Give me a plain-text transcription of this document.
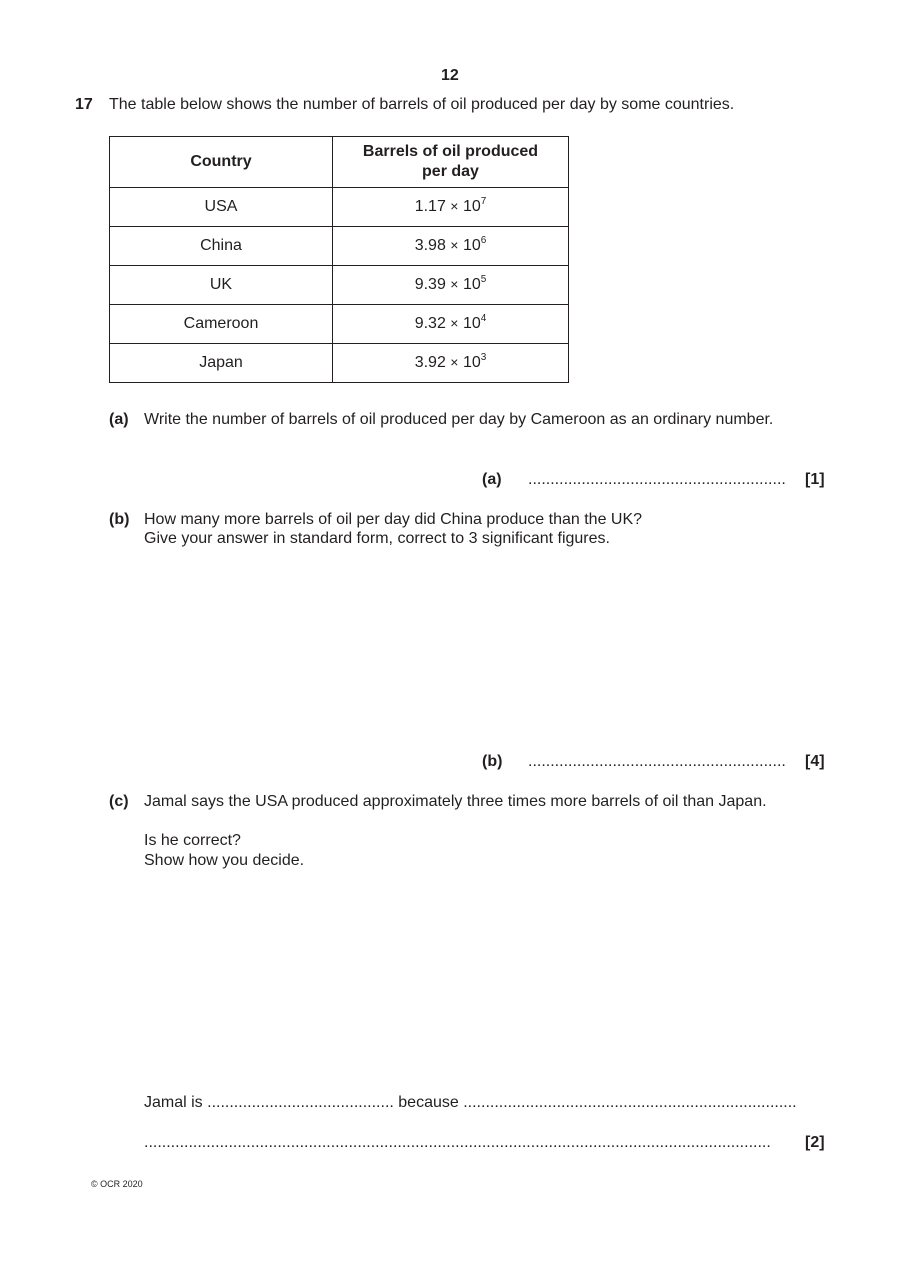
12
17 The table below shows the number of barrels of oil produced per day by some countries.
Country	Barrels of oil produced
per day
USA	$1.17 \times 10^7$
China	$3.98 \times 10^6$
UK	$9.39 \times 10^5$
Cameroon	$9.32 \times 10^4$
Japan	$3.92 \times 10^3$
(a) Write the number of barrels of oil produced per day by Cameroon as an ordinary number.
(a) ..........................................................	[1]
(b) How many more barrels of oil per day did China produce than the UK?
Give your answer in standard form, correct to 3 significant figures.
(b) ..........................................................	[4]
(c) Jamal says the USA produced approximately three times more barrels of oil than Japan.
Is he correct?
Show how you decide.
Jamal is .......................................... because ...........................................................................
.............................................................................................................................................	[2]
© OCR 2020
